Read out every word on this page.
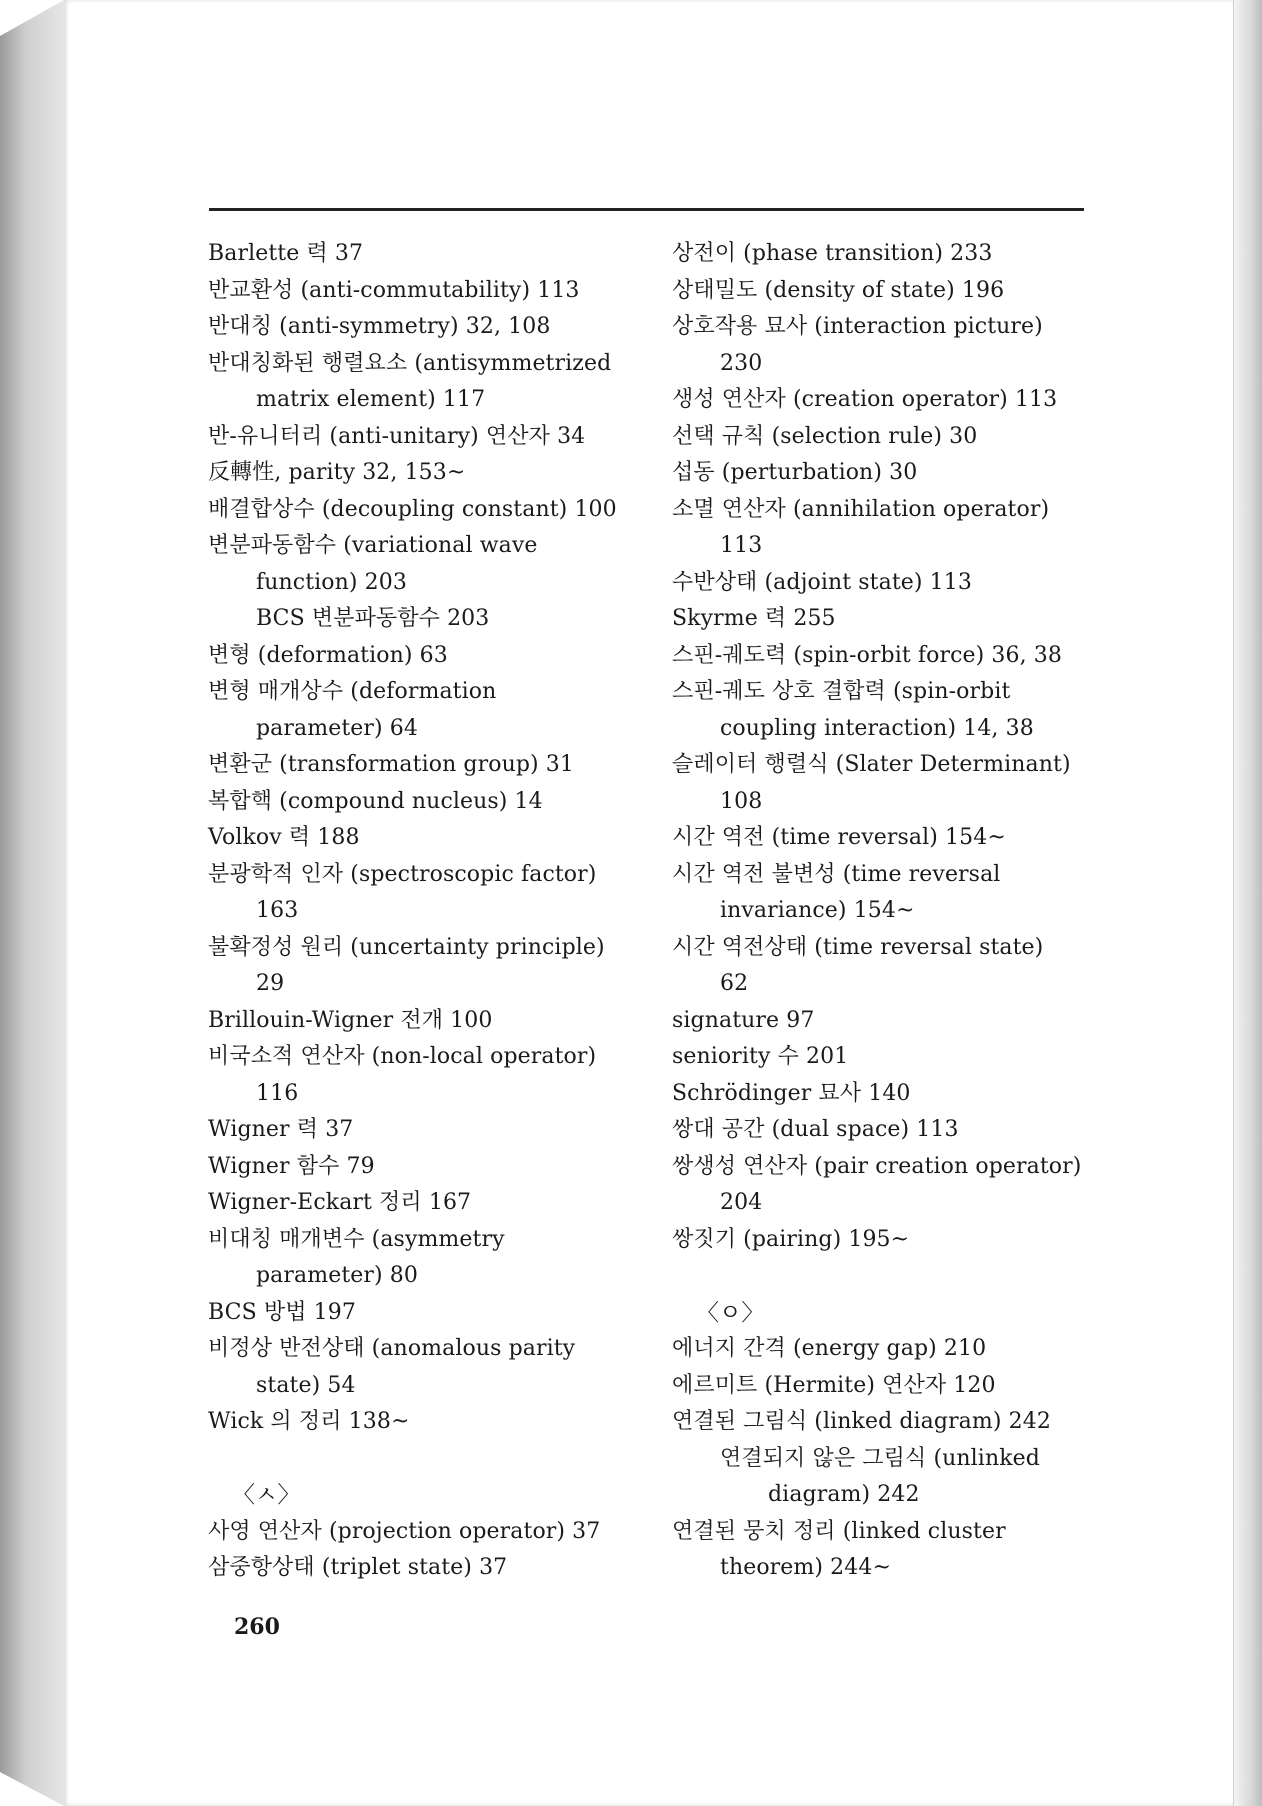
Barlette 력 37
반교환성 (anti-commutability) 113
반대칭 (anti-symmetry) 32, 108
반대칭화된 행렬요소 (antisymmetrized
matrix element) 117
반-유니터리 (anti-unitary) 연산자 34
反轉性, parity 32, 153~
배결합상수 (decoupling constant) 100
변분파동함수 (variational wave
function) 203
BCS 변분파동함수 203
변형 (deformation) 63
변형 매개상수 (deformation
parameter) 64
변환군 (transformation group) 31
복합핵 (compound nucleus) 14
Volkov 력 188
분광학적 인자 (spectroscopic factor)
163
불확정성 원리 (uncertainty principle)
29
Brillouin-Wigner 전개 100
비국소적 연산자 (non-local operator)
116
Wigner 력 37
Wigner 함수 79
Wigner-Eckart 정리 167
비대칭 매개변수 (asymmetry
parameter) 80
BCS 방법 197
비정상 반전상태 (anomalous parity
state) 54
Wick 의 정리 138~
〈ㅅ〉
사영 연산자 (projection operator) 37
삼중항상태 (triplet state) 37
상전이 (phase transition) 233
상태밀도 (density of state) 196
상호작용 묘사 (interaction picture)
230
생성 연산자 (creation operator) 113
선택 규칙 (selection rule) 30
섭동 (perturbation) 30
소멸 연산자 (annihilation operator)
113
수반상태 (adjoint state) 113
Skyrme 력 255
스핀-궤도력 (spin-orbit force) 36, 38
스핀-궤도 상호 결합력 (spin-orbit
coupling interaction) 14, 38
슬레이터 행렬식 (Slater Determinant)
108
시간 역전 (time reversal) 154~
시간 역전 불변성 (time reversal
invariance) 154~
시간 역전상태 (time reversal state)
62
signature 97
seniority 수 201
Schrödinger 묘사 140
쌍대 공간 (dual space) 113
쌍생성 연산자 (pair creation operator)
204
쌍짓기 (pairing) 195~
〈ㅇ〉
에너지 간격 (energy gap) 210
에르미트 (Hermite) 연산자 120
연결된 그림식 (linked diagram) 242
연결되지 않은 그림식 (unlinked
diagram) 242
연결된 뭉치 정리 (linked cluster
theorem) 244~
260
